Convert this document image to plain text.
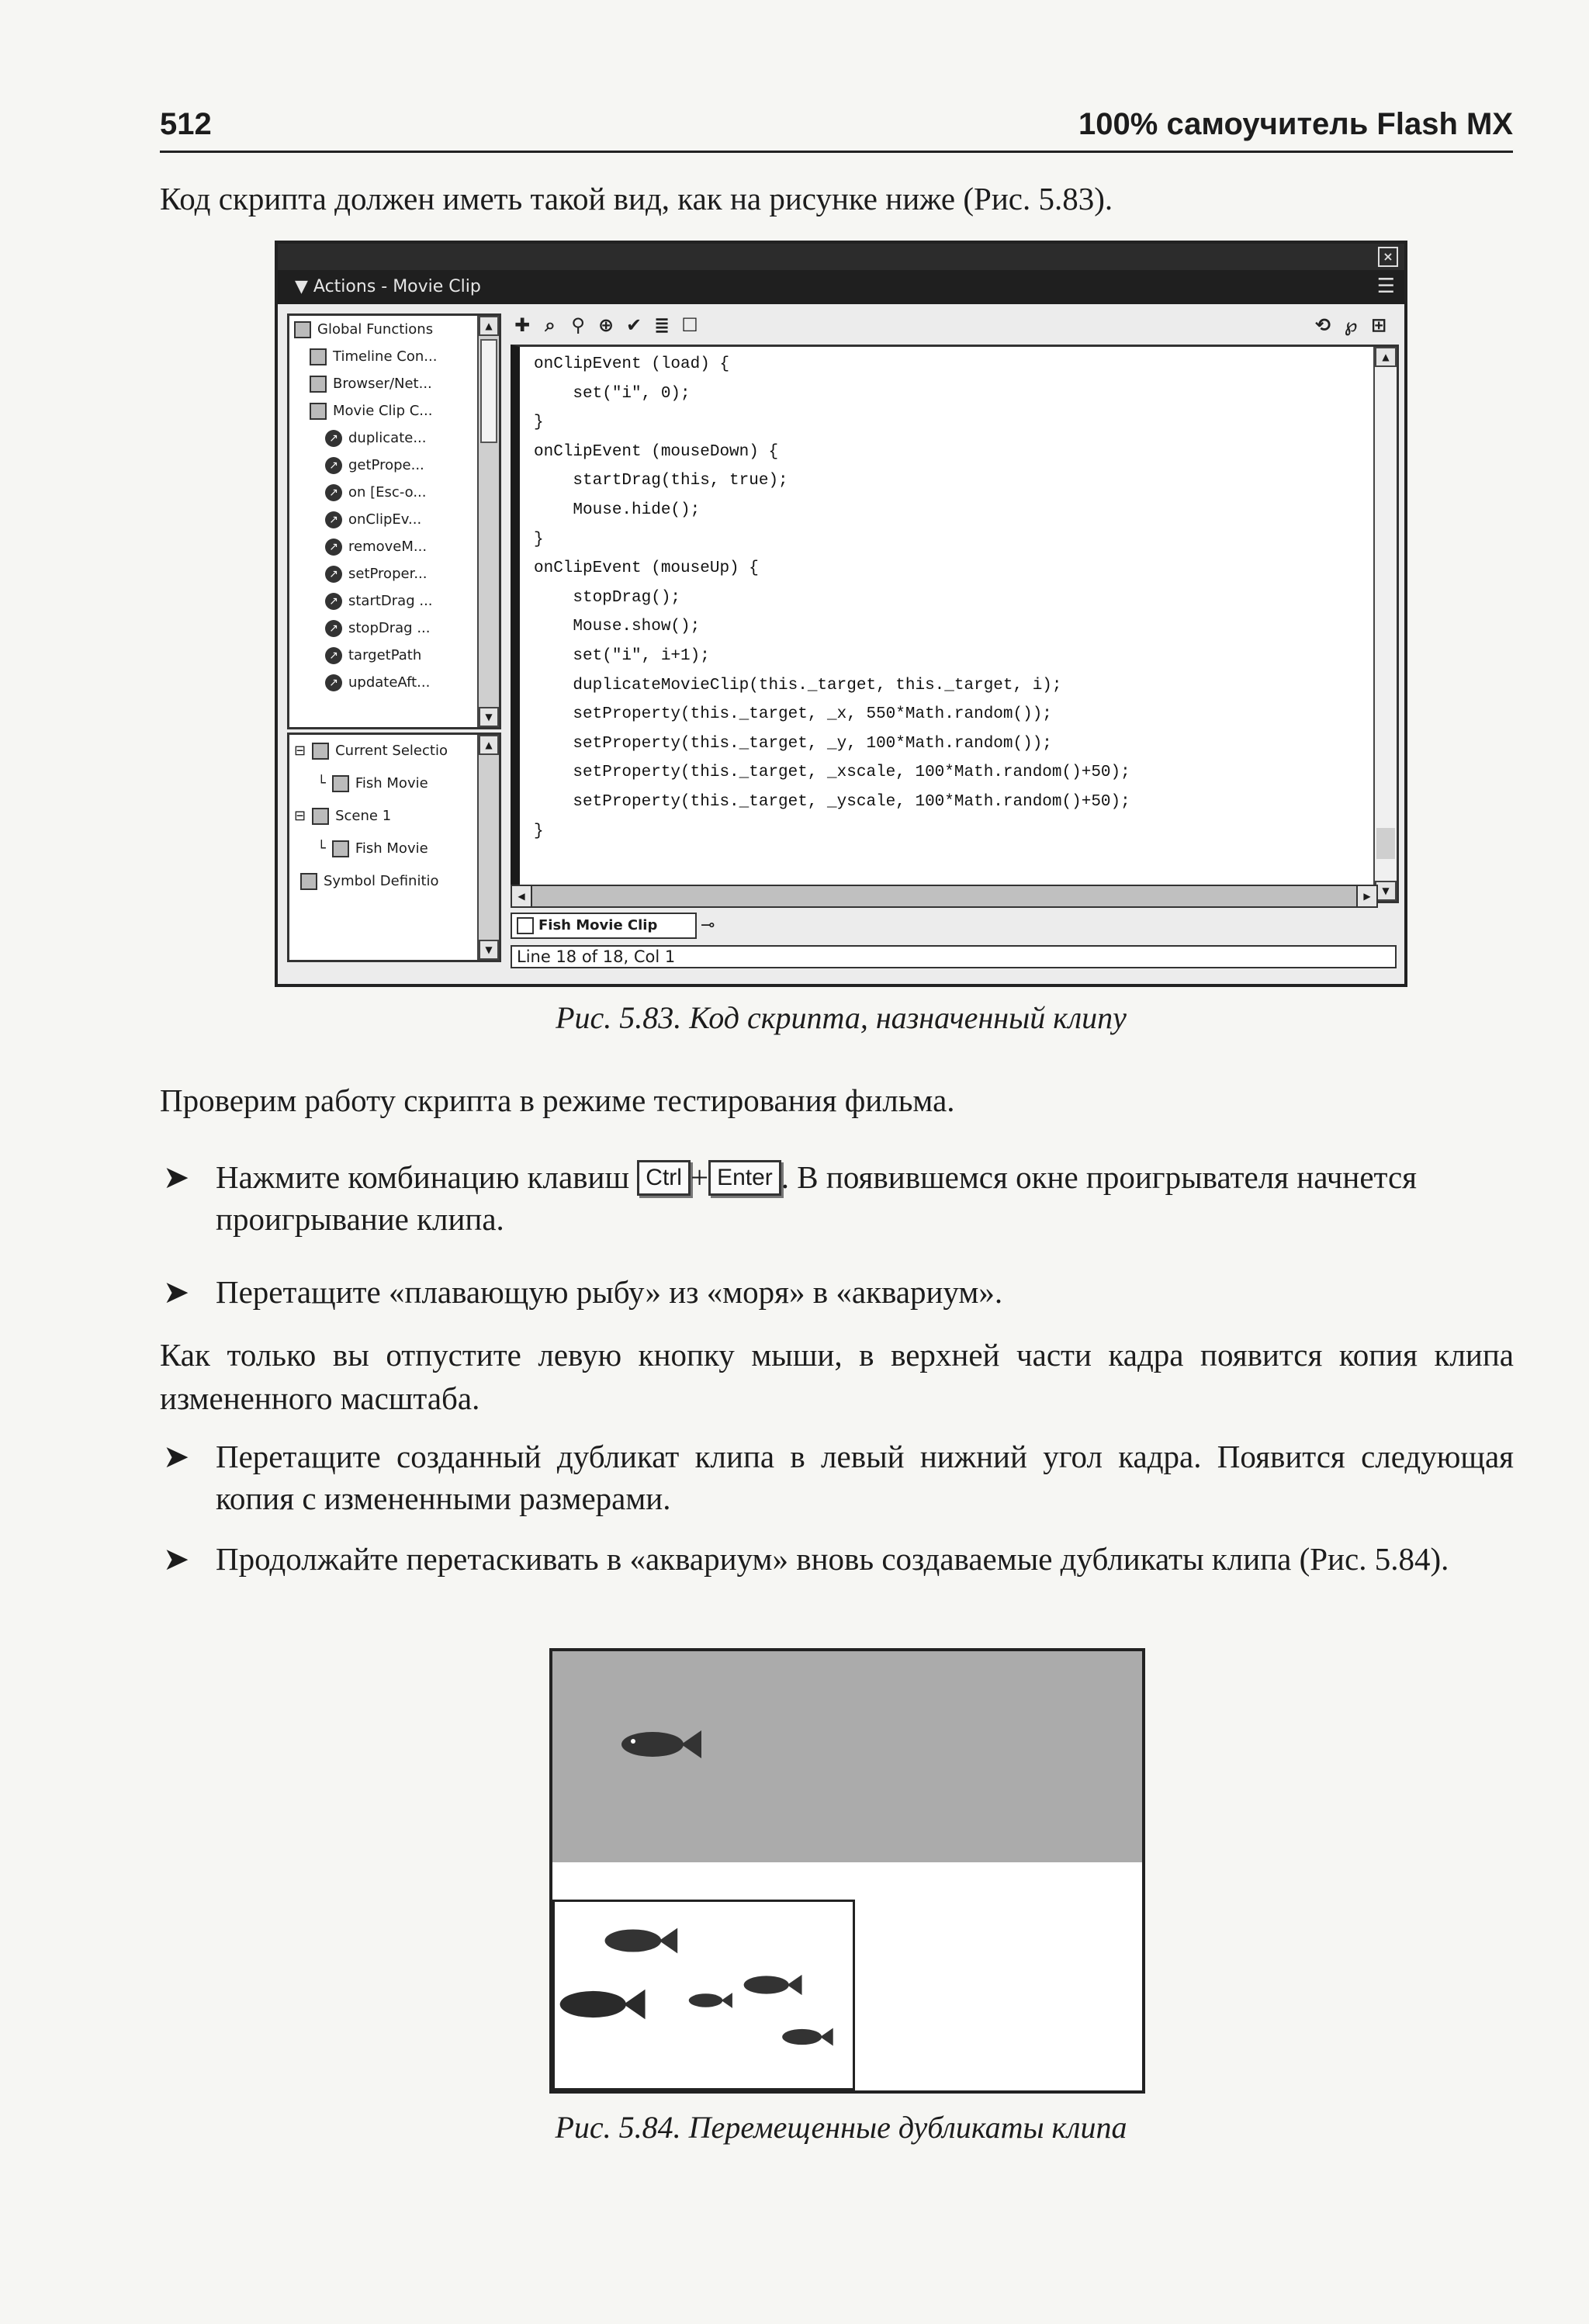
512	100% самоучитель Flash MX
Код скрипта должен иметь такой вид, как на рисунке ниже (Рис. 5.83).
×
▼ Actions - Movie Clip	☰
Global Functions
Timeline Con...
Browser/Net...
Movie Clip C...
↗ duplicate...
↗ getPrope...
↗ on [Esc-o...
↗ onClipEv...
↗ removeM...
↗ setProper...
↗ startDrag ...
↗ stopDrag ...
↗ targetPath
↗ updateAft...
▲
▼
⊟ Current Selectio
└ Fish Movie
⊟ Scene 1
└ Fish Movie
Symbol Definitio
▲
▼
✚ ⌕ ⚲ ⊕ ✔ ≣ ☐	⟲ ℘ ⊞
onClipEvent (load) {
set("i", 0);
}
onClipEvent (mouseDown) {
startDrag(this, true);
Mouse.hide();
}
onClipEvent (mouseUp) {
stopDrag();
Mouse.show();
set("i", i+1);
duplicateMovieClip(this._target, this._target, i);
setProperty(this._target, _x, 550*Math.random());
setProperty(this._target, _y, 100*Math.random());
setProperty(this._target, _xscale, 100*Math.random()+50);
setProperty(this._target, _yscale, 100*Math.random()+50);
}
▲
▼
◀	▶
Fish Movie Clip	⊸
Line 18 of 18, Col 1
Рис. 5.83. Код скрипта, назначенный клипу
Проверим работу скрипта в режиме тестирования фильма.
➤ Нажмите комбинацию клавиш Ctrl + Enter . В появившемся окне проигрывателя начнется проигрывание клипа.
➤ Перетащите «плавающую рыбу» из «моря» в «аквариум».
Как только вы отпустите левую кнопку мыши, в верхней части кадра появится копия клипа измененного масштаба.
➤ Перетащите созданный дубликат клипа в левый нижний угол кадра. Появится следующая копия с измененными размерами.
➤ Продолжайте перетаскивать в «аквариум» вновь создаваемые дубликаты клипа (Рис. 5.84).
Рис. 5.84. Перемещенные дубликаты клипа
